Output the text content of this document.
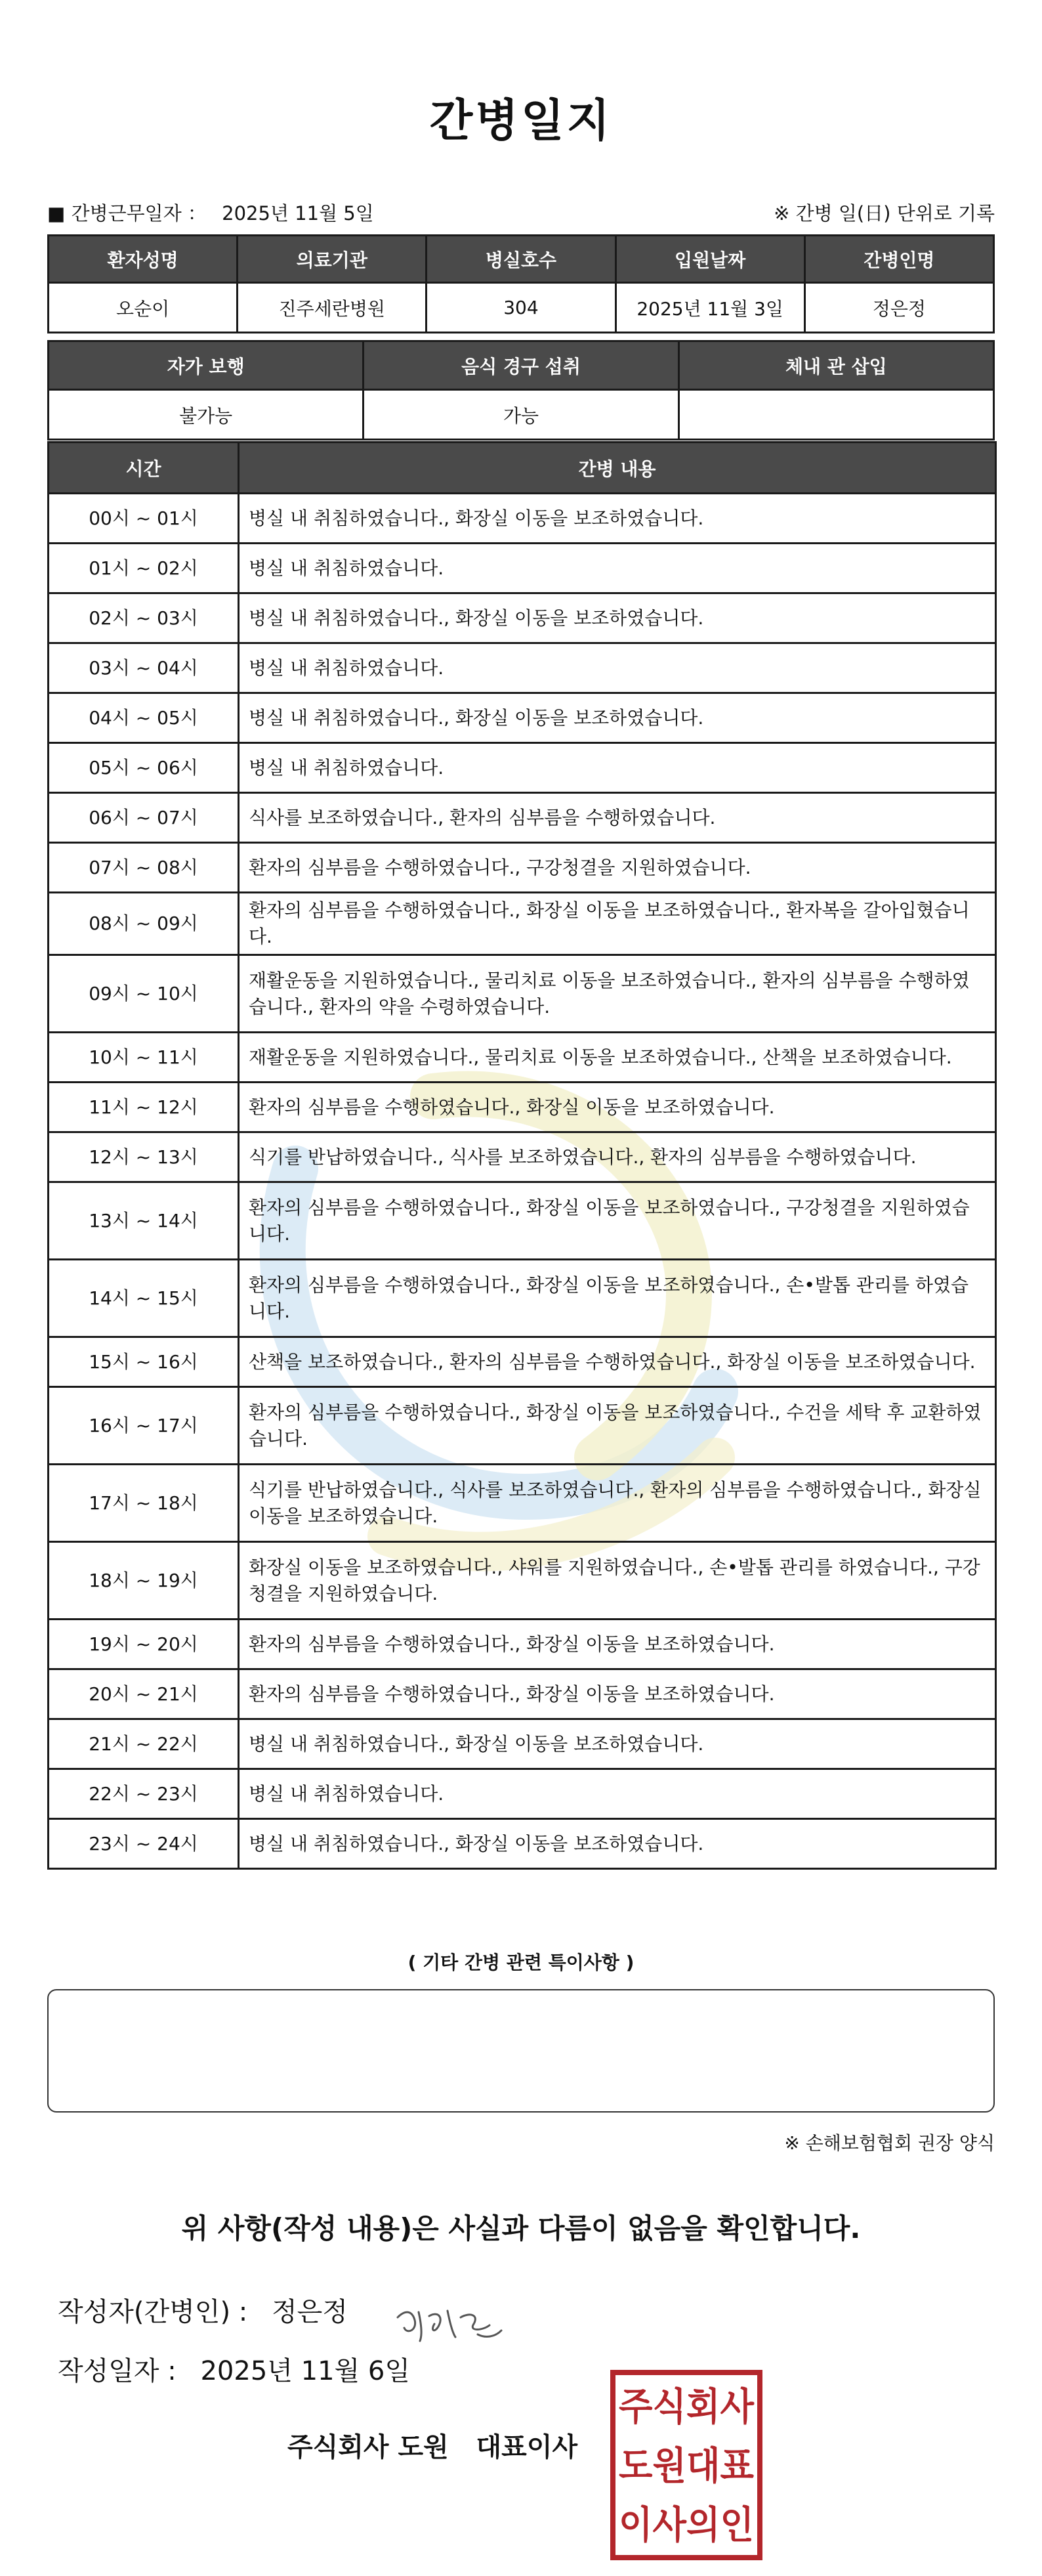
간병일지
■ 간병근무일자 ： 2025년 11월 5일	※ 간병 일(日) 단위로 기록
환자성명	의료기관	병실호수	입원날짜	간병인명
오순이	진주세란병원	304	2025년 11월 3일	정은정
자가 보행	음식 경구 섭취	체내 관 삽입
불가능	가능	
시간	간병 내용
00시 ~ 01시	병실 내 취침하였습니다., 화장실 이동을 보조하였습니다.
01시 ~ 02시	병실 내 취침하였습니다.
02시 ~ 03시	병실 내 취침하였습니다., 화장실 이동을 보조하였습니다.
03시 ~ 04시	병실 내 취침하였습니다.
04시 ~ 05시	병실 내 취침하였습니다., 화장실 이동을 보조하였습니다.
05시 ~ 06시	병실 내 취침하였습니다.
06시 ~ 07시	식사를 보조하였습니다., 환자의 심부름을 수행하였습니다.
07시 ~ 08시	환자의 심부름을 수행하였습니다., 구강청결을 지원하였습니다.
08시 ~ 09시	환자의 심부름을 수행하였습니다., 화장실 이동을 보조하였습니다., 환자복을 갈아입혔습니다.
09시 ~ 10시	재활운동을 지원하였습니다., 물리치료 이동을 보조하였습니다., 환자의 심부름을 수행하였습니다., 환자의 약을 수령하였습니다.
10시 ~ 11시	재활운동을 지원하였습니다., 물리치료 이동을 보조하였습니다., 산책을 보조하였습니다.
11시 ~ 12시	환자의 심부름을 수행하였습니다., 화장실 이동을 보조하였습니다.
12시 ~ 13시	식기를 반납하였습니다., 식사를 보조하였습니다., 환자의 심부름을 수행하였습니다.
13시 ~ 14시	환자의 심부름을 수행하였습니다., 화장실 이동을 보조하였습니다., 구강청결을 지원하였습니다.
14시 ~ 15시	환자의 심부름을 수행하였습니다., 화장실 이동을 보조하였습니다., 손•발톱 관리를 하였습니다.
15시 ~ 16시	산책을 보조하였습니다., 환자의 심부름을 수행하였습니다., 화장실 이동을 보조하였습니다.
16시 ~ 17시	환자의 심부름을 수행하였습니다., 화장실 이동을 보조하였습니다., 수건을 세탁 후 교환하였습니다.
17시 ~ 18시	식기를 반납하였습니다., 식사를 보조하였습니다., 환자의 심부름을 수행하였습니다., 화장실 이동을 보조하였습니다.
18시 ~ 19시	화장실 이동을 보조하였습니다., 샤워를 지원하였습니다., 손•발톱 관리를 하였습니다., 구강청결을 지원하였습니다.
19시 ~ 20시	환자의 심부름을 수행하였습니다., 화장실 이동을 보조하였습니다.
20시 ~ 21시	환자의 심부름을 수행하였습니다., 화장실 이동을 보조하였습니다.
21시 ~ 22시	병실 내 취침하였습니다., 화장실 이동을 보조하였습니다.
22시 ~ 23시	병실 내 취침하였습니다.
23시 ~ 24시	병실 내 취침하였습니다., 화장실 이동을 보조하였습니다.
( 기타 간병 관련 특이사항 )
※ 손해보험협회 권장 양식
위 사항(작성 내용)은 사실과 다름이 없음을 확인합니다.
작성자(간병인) : 정은정
작성일자 : 2025년 11월 6일
주식회사 도원   대표이사
주식회사
도원대표
이사의인
